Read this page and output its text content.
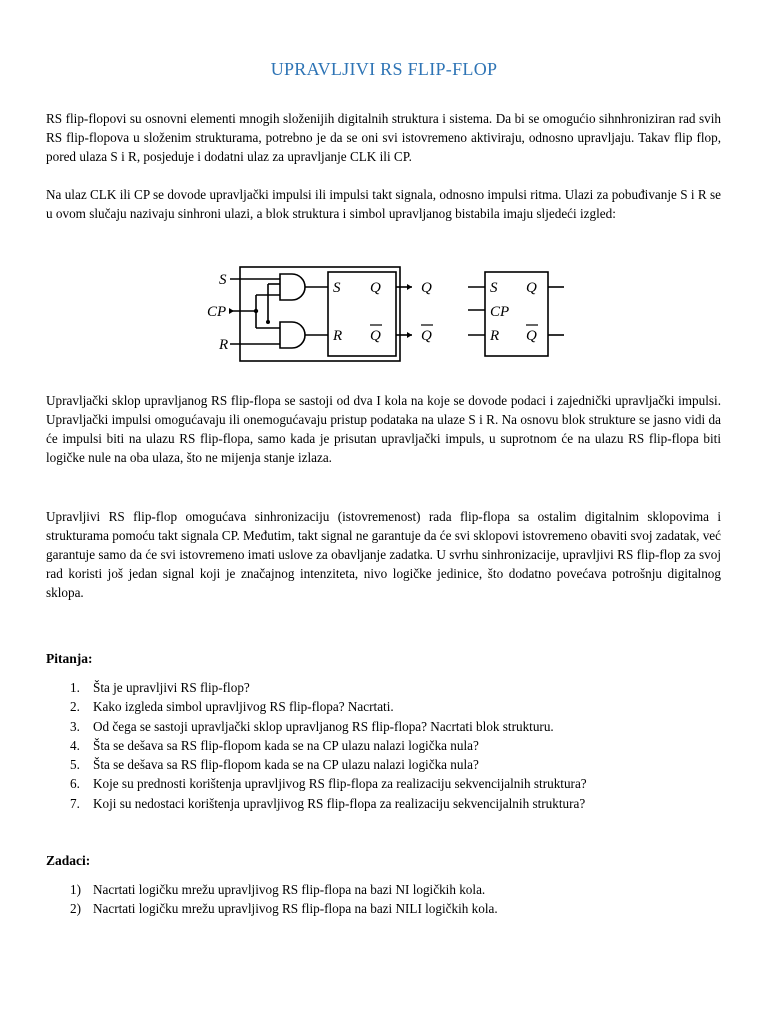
UPRAVLJIVI RS FLIP-FLOP

RS flip-flopovi su osnovni elementi mnogih složenijih digitalnih struktura i sistema. Da bi se omogućio sihnhroniziran rad svih RS flip-flopova u složenim strukturama, potrebno je da se oni svi istovremeno aktiviraju, odnosno upravljaju. Takav flip flop, pored ulaza S i R, posjeduje i dodatni ulaz za upravljanje CLK ili CP.

Na ulaz CLK ili CP se dovode upravljački impulsi ili impulsi takt signala, odnosno impulsi ritma. Ulazi za pobuđivanje S i R se u ovom slučaju nazivaju sinhroni ulazi, a blok struktura i simbol upravljanog bistabila imaju sljedeći izgled:

S
CP
R
S
R
Q
Q
Q
Q
S
CP
R
Q
Q

Upravljački sklop upravljanog RS flip-flopa se sastoji od dva I kola na koje se dovode podaci i zajednički upravljački impulsi. Upravljački impulsi omogućavaju ili onemogućavaju pristup podataka na ulaze S i R. Na osnovu blok strukture se jasno vidi da će impulsi biti na ulazu RS flip-flopa, samo kada je prisutan upravljački impuls, u suprotnom će na ulazu RS flip-flopa biti logičke nule na oba ulaza, što ne mijenja stanje izlaza.

Upravljivi RS flip-flop omogućava sinhronizaciju (istovremenost) rada flip-flopa sa ostalim digitalnim sklopovima i strukturama pomoću takt signala CP. Međutim, takt signal ne garantuje da će svi sklopovi istovremeno obaviti svoj zadatak, već garantuje samo da će svi istovremeno imati uslove za obavljanje zadatka. U svrhu sinhronizacije, upravljivi RS flip-flop za svoj rad koristi još jedan signal koji je značajnog intenziteta, nivo logičke jedinice, što dodatno povećava potrošnju digitalnog sklopa.

Pitanja:
1. Šta je upravljivi RS flip-flop?
2. Kako izgleda simbol upravljivog RS flip-flopa? Nacrtati.
3. Od čega se sastoji upravljački sklop upravljanog RS flip-flopa? Nacrtati blok strukturu.
4. Šta se dešava sa RS flip-flopom kada se na CP ulazu nalazi logička nula?
5. Šta se dešava sa RS flip-flopom kada se na CP ulazu nalazi logička nula?
6. Koje su prednosti korištenja upravljivog RS flip-flopa za realizaciju sekvencijalnih struktura?
7. Koji su nedostaci korištenja upravljivog RS flip-flopa za realizaciju sekvencijalnih struktura?
Zadaci:
1) Nacrtati logičku mrežu upravljivog RS flip-flopa na bazi NI logičkih kola.
2) Nacrtati logičku mrežu upravljivog RS flip-flopa na bazi NILI logičkih kola.
